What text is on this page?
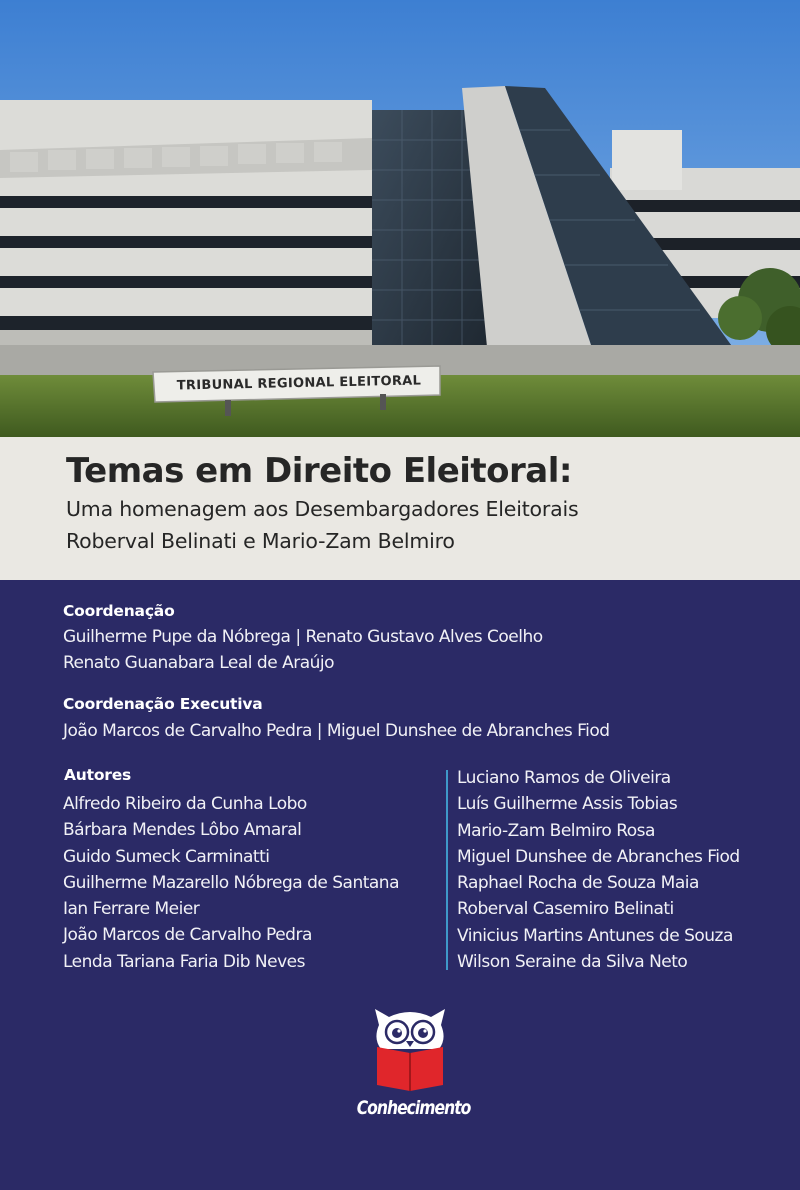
TRIBUNAL REGIONAL ELEITORAL
Temas em Direito Eleitoral:
Uma homenagem aos Desembargadores Eleitorais
Roberval Belinati e Mario-Zam Belmiro
Coordenação
Guilherme Pupe da Nóbrega | Renato Gustavo Alves Coelho
Renato Guanabara Leal de Araújo
Coordenação Executiva
João Marcos de Carvalho Pedra | Miguel Dunshee de Abranches Fiod
Autores
Alfredo Ribeiro da Cunha Lobo
Bárbara Mendes Lôbo Amaral
Guido Sumeck Carminatti
Guilherme Mazarello Nóbrega de Santana
Ian Ferrare Meier
João Marcos de Carvalho Pedra
Lenda Tariana Faria Dib Neves
Luciano Ramos de Oliveira
Luís Guilherme Assis Tobias
Mario-Zam Belmiro Rosa
Miguel Dunshee de Abranches Fiod
Raphael Rocha de Souza Maia
Roberval Casemiro Belinati
Vinicius Martins Antunes de Souza
Wilson Seraine da Silva Neto
Conhecimento
